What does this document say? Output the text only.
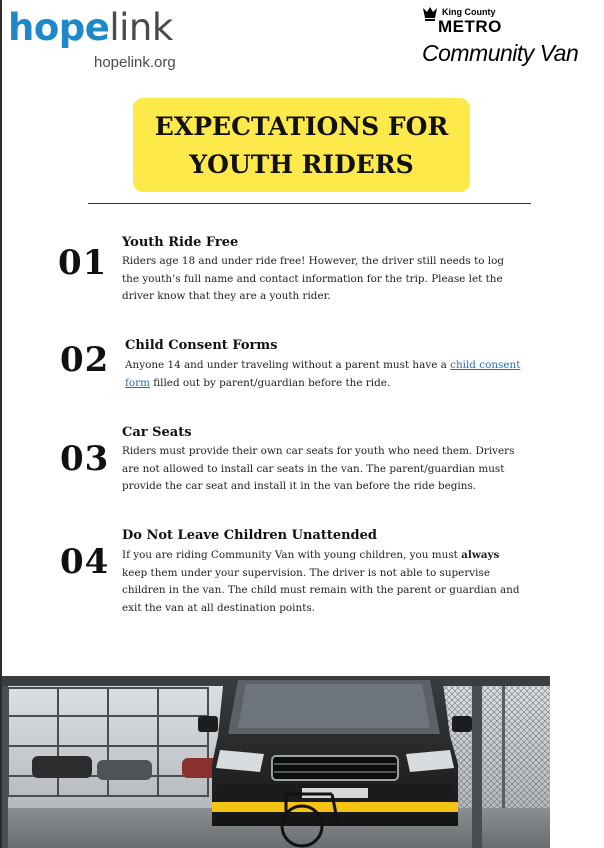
hopelink
hopelink.org
King County
METRO
Community Van
EXPECTATIONS FOR
YOUTH RIDERS
01
Youth Ride Free
Riders age 18 and under ride free! However, the driver still needs to log the youth’s full name and contact information for the trip. Please let the driver know that they are a youth rider.
02 Child Consent Forms
Anyone 14 and under traveling without a parent must have a child consent form filled out by parent/guardian before the ride.
03
Car Seats
Riders must provide their own car seats for youth who need them. Drivers are not allowed to install car seats in the van. The parent/guardian must provide the car seat and install it in the van before the ride begins.
04
Do Not Leave Children Unattended
If you are riding Community Van with young children, you must always keep them under your supervision. The driver is not able to supervise children in the van. The child must remain with the parent or guardian and exit the van at all destination points.
